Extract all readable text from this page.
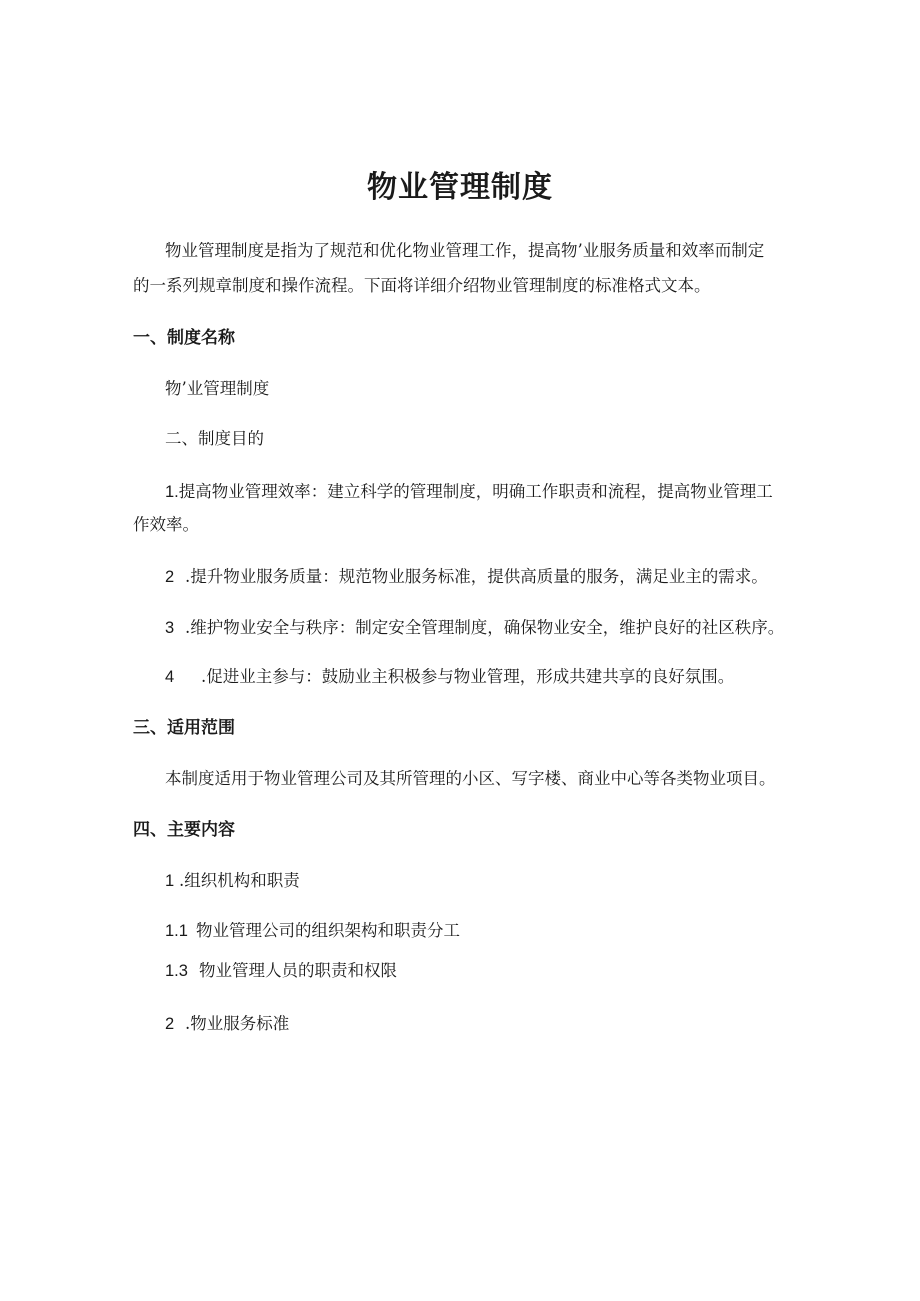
物业管理制度
物业管理制度是指为了规范和优化物业管理工作，提高物’业服务质量和效率而制定
的一系列规章制度和操作流程。下面将详细介绍物业管理制度的标准格式文本。
一、制度名称
物’业管理制度
二、制度目的
1.提高物业管理效率：建立科学的管理制度，明确工作职责和流程，提高物业管理工
作效率。
2 .提升物业服务质量：规范物业服务标准，提供高质量的服务，满足业主的需求。
3 .维护物业安全与秩序：制定安全管理制度，确保物业安全，维护良好的社区秩序。
4 .促进业主参与：鼓励业主积极参与物业管理，形成共建共享的良好氛围。
三、适用范围
本制度适用于物业管理公司及其所管理的小区、写字楼、商业中心等各类物业项目。
四、主要内容
1 .组织机构和职责
1.1 物业管理公司的组织架构和职责分工
1.3 物业管理人员的职责和权限
2 .物业服务标准
